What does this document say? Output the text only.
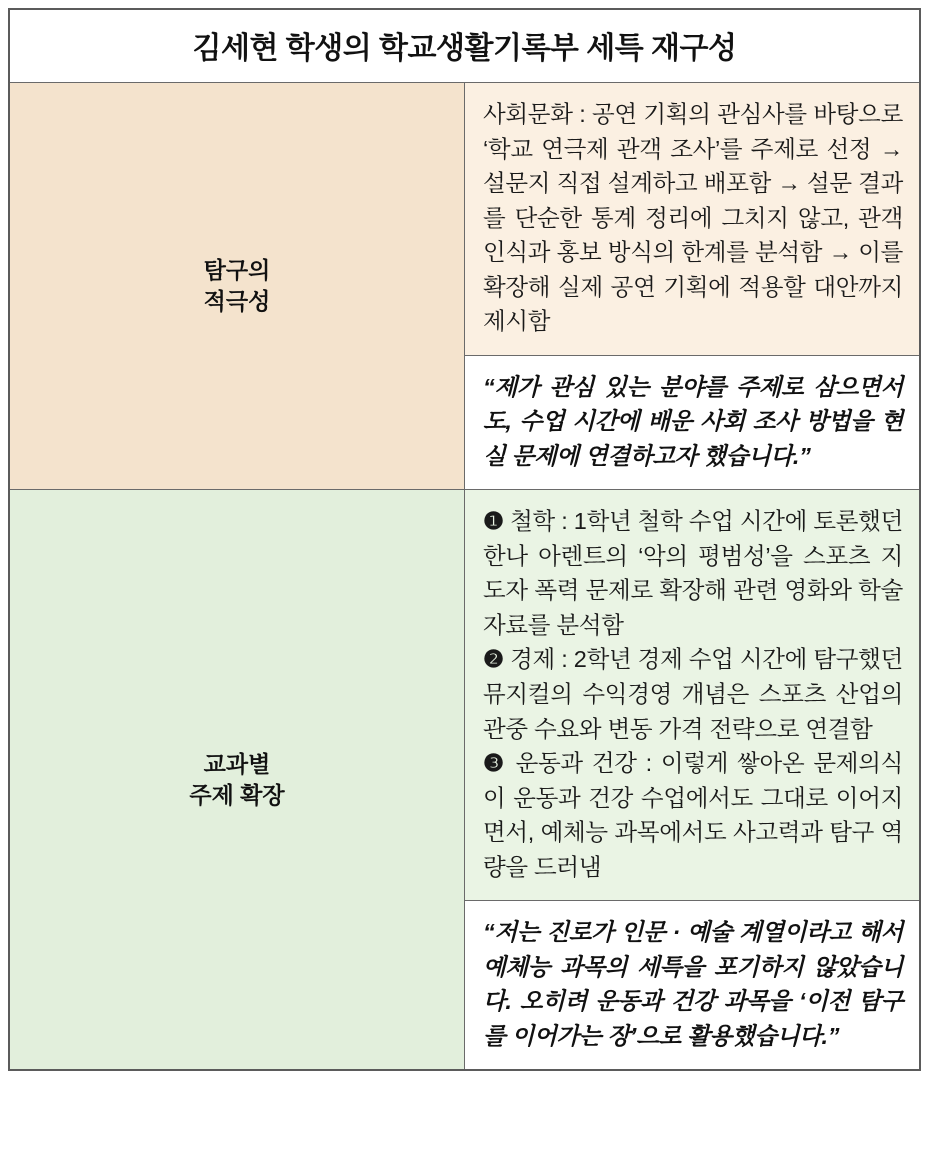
김세현 학생의 학교생활기록부 세특 재구성	

탐구의
적극성	사회문화 : 공연 기획의 관심사를 바탕으로 ‘학교 연극제 관객 조사’를 주제로 선정 → 설문지 직접 설계하고 배포함 → 설문 결과를 단순한 통계 정리에 그치지 않고, 관객 인식과 홍보 방식의 한계를 분석함 → 이를 확장해 실제 공연 기획에 적용할 대안까지 제시함
	“제가 관심 있는 분야를 주제로 삼으면서도, 수업 시간에 배운 사회 조사 방법을 현실 문제에 연결하고자 했습니다.”

교과별
주제 확장	❶ 철학 : 1학년 철학 수업 시간에 토론했던 한나 아렌트의 ‘악의 평범성’을 스포츠 지도자 폭력 문제로 확장해 관련 영화와 학술 자료를 분석함
❷ 경제 : 2학년 경제 수업 시간에 탐구했던 뮤지컬의 수익경영 개념은 스포츠 산업의 관중 수요와 변동 가격 전략으로 연결함
❸ 운동과 건강 : 이렇게 쌓아온 문제의식이 운동과 건강 수업에서도 그대로 이어지면서, 예체능 과목에서도 사고력과 탐구 역량을 드러냄

	“저는 진로가 인문 · 예술 계열이라고 해서 예체능 과목의 세특을 포기하지 않았습니다. 오히려 운동과 건강 과목을 ‘이전 탐구를 이어가는 장’으로 활용했습니다.”
